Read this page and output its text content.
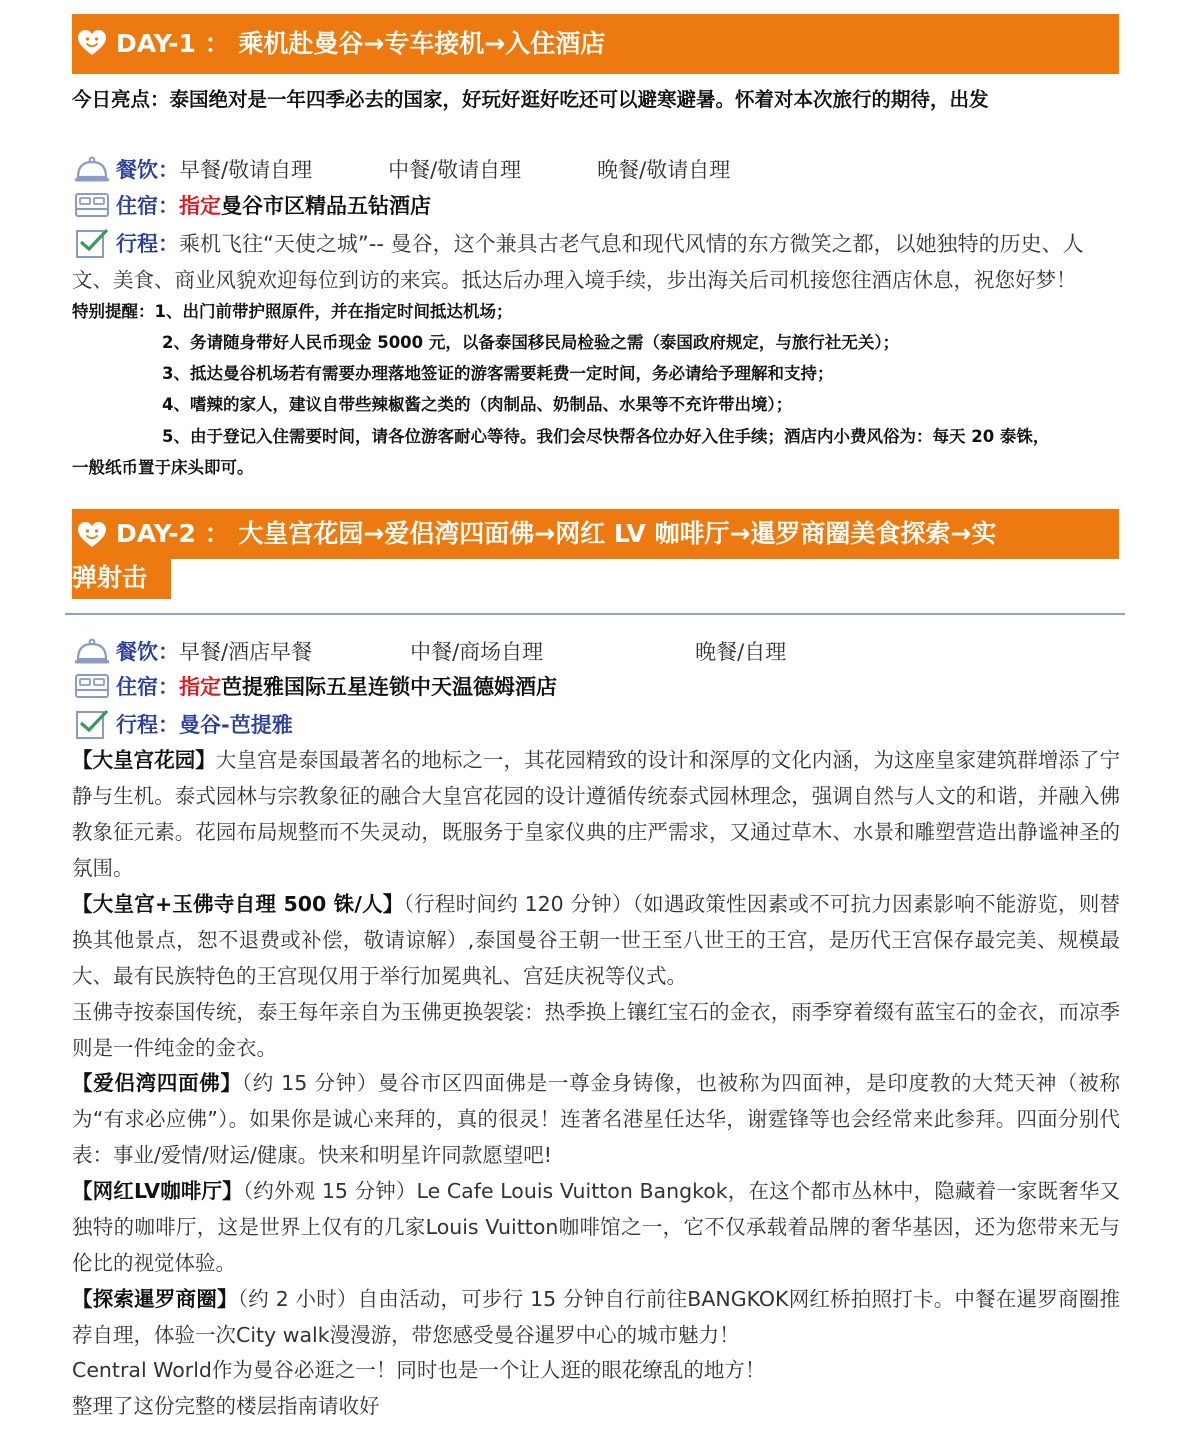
DAY-1 ： 乘机赴曼谷→专车接机→入住酒店
今日亮点：泰国绝对是一年四季必去的国家，好玩好逛好吃还可以避寒避暑。怀着对本次旅行的期待，出发
餐饮： 早餐/敬请自理	中餐/敬请自理	晚餐/敬请自理
住宿： 指定 曼谷市区精品五钻酒店
行程： 乘机飞往“天使之城”-- 曼谷，这个兼具古老气息和现代风情的东方微笑之都，以她独特的历史、人
文、美食、商业风貌欢迎每位到访的来宾。抵达后办理入境手续，步出海关后司机接您往酒店休息，祝您好梦！
特别提醒：1、出门前带护照原件，并在指定时间抵达机场；
2、务请随身带好人民币现金 5000 元，以备泰国移民局检验之需（泰国政府规定，与旅行社无关）；
3、抵达曼谷机场若有需要办理落地签证的游客需要耗费一定时间，务必请给予理解和支持；
4、嗜辣的家人，建议自带些辣椒酱之类的（肉制品、奶制品、水果等不充许带出境）；
5、由于登记入住需要时间，请各位游客耐心等待。我们会尽快帮各位办好入住手续；酒店内小费风俗为：每天 20 泰铢，
一般纸币置于床头即可。
DAY-2 ： 大皇宫花园→爱侣湾四面佛→网红 LV 咖啡厅→暹罗商圈美食探索→实
弹射击
餐饮： 早餐/酒店早餐	中餐/商场自理	晚餐/自理
住宿： 指定 芭提雅国际五星连锁中天温德姆酒店
行程： 曼谷-芭提雅
【大皇宫花园】大皇宫是泰国最著名的地标之一，其花园精致的设计和深厚的文化内涵，为这座皇家建筑群增添了宁静与生机。泰式园林与宗教象征的融合大皇宫花园的设计遵循传统泰式园林理念，强调自然与人文的和谐，并融入佛教象征元素。花园布局规整而不失灵动，既服务于皇家仪典的庄严需求，又通过草木、水景和雕塑营造出静谧神圣的氛围。
【大皇宫+玉佛寺自理 500 铢/人】（行程时间约 120 分钟）（如遇政策性因素或不可抗力因素影响不能游览，则替换其他景点，恕不退费或补偿，敬请谅解）,泰国曼谷王朝一世王至八世王的王宫，是历代王宫保存最完美、规模最大、最有民族特色的王宫现仅用于举行加冕典礼、宫廷庆祝等仪式。
玉佛寺按泰国传统，泰王每年亲自为玉佛更换袈裟：热季换上镶红宝石的金衣，雨季穿着缀有蓝宝石的金衣，而凉季则是一件纯金的金衣。
【爱侣湾四面佛】（约 15 分钟）曼谷市区四面佛是一尊金身铸像，也被称为四面神，是印度教的大梵天神（被称为“有求必应佛”）。如果你是诚心来拜的，真的很灵！连著名港星任达华，谢霆锋等也会经常来此参拜。四面分别代表：事业/爱情/财运/健康。快来和明星许同款愿望吧!
【网红LV咖啡厅】（约外观 15 分钟）Le Cafe Louis Vuitton Bangkok，在这个都市丛林中，隐藏着一家既奢华又独特的咖啡厅，这是世界上仅有的几家Louis Vuitton咖啡馆之一，它不仅承载着品牌的奢华基因，还为您带来无与伦比的视觉体验。
【探索暹罗商圈】（约 2 小时）自由活动，可步行 15 分钟自行前往BANGKOK网红桥拍照打卡。中餐在暹罗商圈推荐自理，体验一次City walk漫漫游，带您感受曼谷暹罗中心的城市魅力！
Central World作为曼谷必逛之一！同时也是一个让人逛的眼花缭乱的地方！
整理了这份完整的楼层指南请收好
